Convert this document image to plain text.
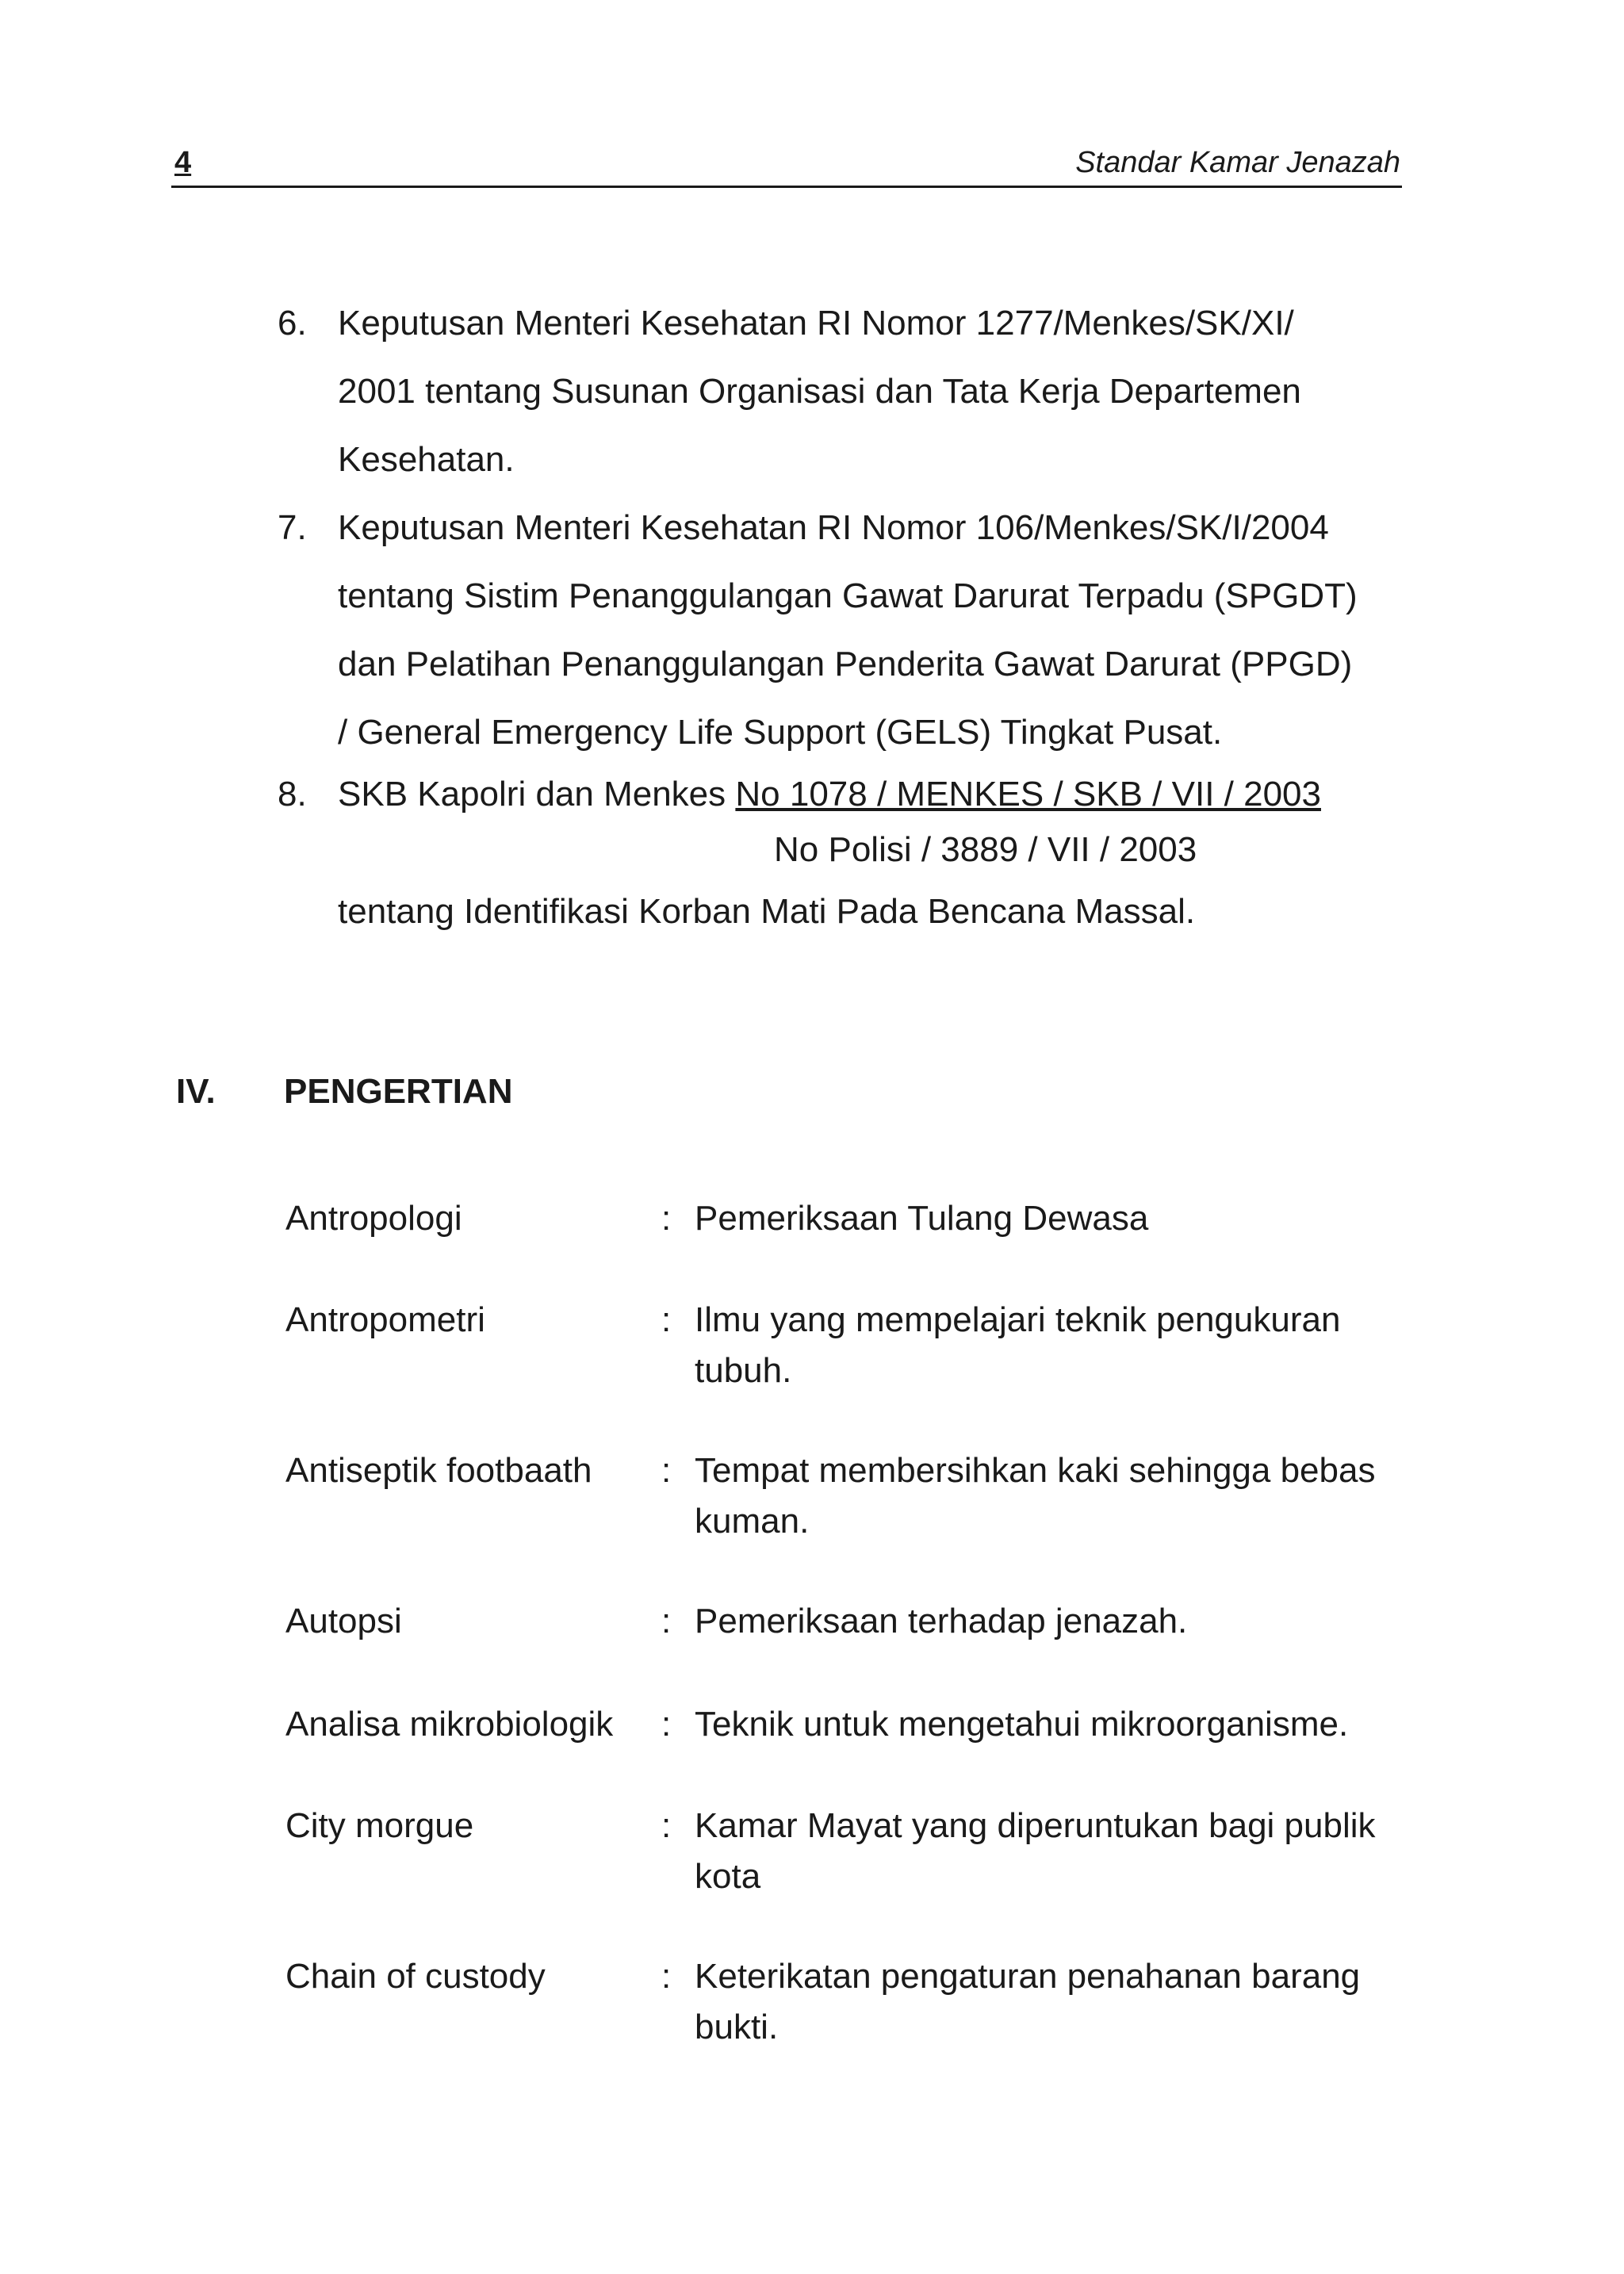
4	Standar Kamar Jenazah
6. Keputusan Menteri Kesehatan RI Nomor 1277/Menkes/SK/XI/
2001 tentang Susunan Organisasi dan Tata Kerja Departemen
Kesehatan.
7. Keputusan Menteri Kesehatan RI Nomor 106/Menkes/SK/I/2004
tentang Sistim Penanggulangan Gawat Darurat Terpadu (SPGDT)
dan Pelatihan Penanggulangan Penderita Gawat Darurat (PPGD)
/ General Emergency Life Support (GELS) Tingkat Pusat.
8. SKB Kapolri dan Menkes No 1078 / MENKES / SKB / VII / 2003
No Polisi / 3889 / VII / 2003
tentang Identifikasi Korban Mati Pada Bencana Massal.
IV. PENGERTIAN
Antropologi	: Pemeriksaan Tulang Dewasa
Antropometri	: Ilmu yang mempelajari teknik pengukuran tubuh.
Antiseptik footbaath : Tempat membersihkan kaki sehingga bebas kuman.
Autopsi	: Pemeriksaan terhadap jenazah.
Analisa mikrobiologik : Teknik untuk mengetahui mikroorganisme.
City morgue	: Kamar Mayat yang diperuntukan bagi publik kota
Chain of custody	: Keterikatan pengaturan penahanan barang bukti.
